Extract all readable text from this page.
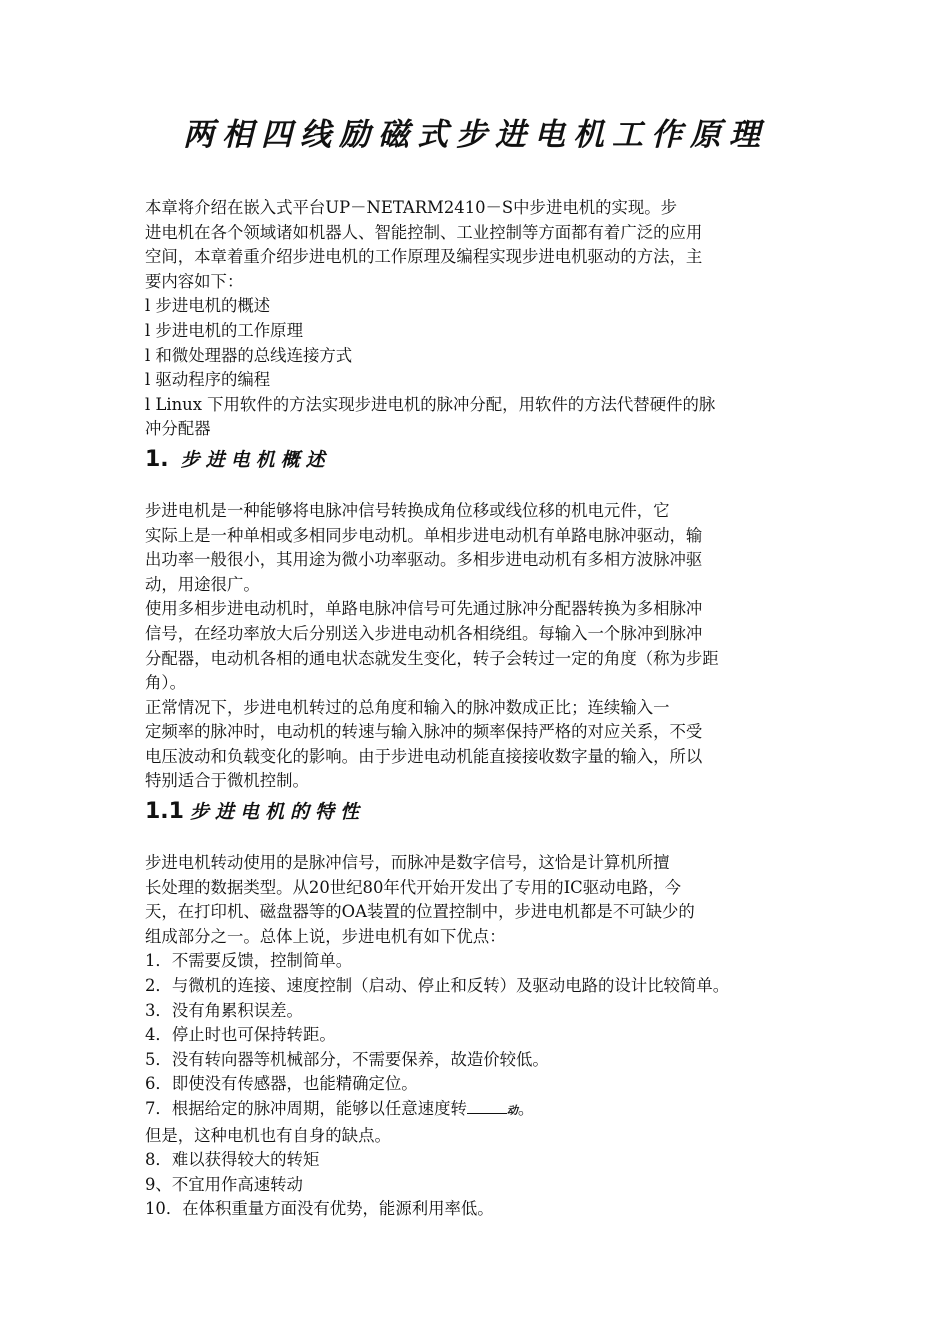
两相四线励磁式步进电机工作原理

本章将介绍在嵌入式平台UP－NETARM2410－S中步进电机的实现。步

进电机在各个领域诸如机器人、智能控制、工业控制等方面都有着广泛的应用

空间，本章着重介绍步进电机的工作原理及编程实现步进电机驱动的方法，主

要内容如下：

l 步进电机的概述

l 步进电机的工作原理

l 和微处理器的总线连接方式

l 驱动程序的编程

l Linux 下用软件的方法实现步进电机的脉冲分配，用软件的方法代替硬件的脉

冲分配器

1. 步进电机概述

步进电机是一种能够将电脉冲信号转换成角位移或线位移的机电元件，它

实际上是一种单相或多相同步电动机。单相步进电动机有单路电脉冲驱动，输

出功率一般很小，其用途为微小功率驱动。多相步进电动机有多相方波脉冲驱

动，用途很广。

使用多相步进电动机时，单路电脉冲信号可先通过脉冲分配器转换为多相脉冲

信号，在经功率放大后分别送入步进电动机各相绕组。每输入一个脉冲到脉冲

分配器，电动机各相的通电状态就发生变化，转子会转过一定的角度（称为步距

角）。

正常情况下，步进电机转过的总角度和输入的脉冲数成正比；连续输入一

定频率的脉冲时，电动机的转速与输入脉冲的频率保持严格的对应关系，不受

电压波动和负载变化的影响。由于步进电动机能直接接收数字量的输入，所以

特别适合于微机控制。

1.1 步进电机的特性

步进电机转动使用的是脉冲信号，而脉冲是数字信号，这恰是计算机所擅

长处理的数据类型。从20世纪80年代开始开发出了专用的IC驱动电路，今

天，在打印机、磁盘器等的OA装置的位置控制中，步进电机都是不可缺少的

组成部分之一。总体上说，步进电机有如下优点：

1．不需要反馈，控制简单。

2．与微机的连接、速度控制（启动、停止和反转）及驱动电路的设计比较简单。

3．没有角累积误差。

4．停止时也可保持转距。

5．没有转向器等机械部分，不需要保养，故造价较低。

6．即使没有传感器，也能精确定位。

7．根据给定的脉冲周期，能够以任意速度转	动。

但是，这种电机也有自身的缺点。

8．难以获得较大的转矩

9、不宜用作高速转动

10．在体积重量方面没有优势，能源利用率低。
